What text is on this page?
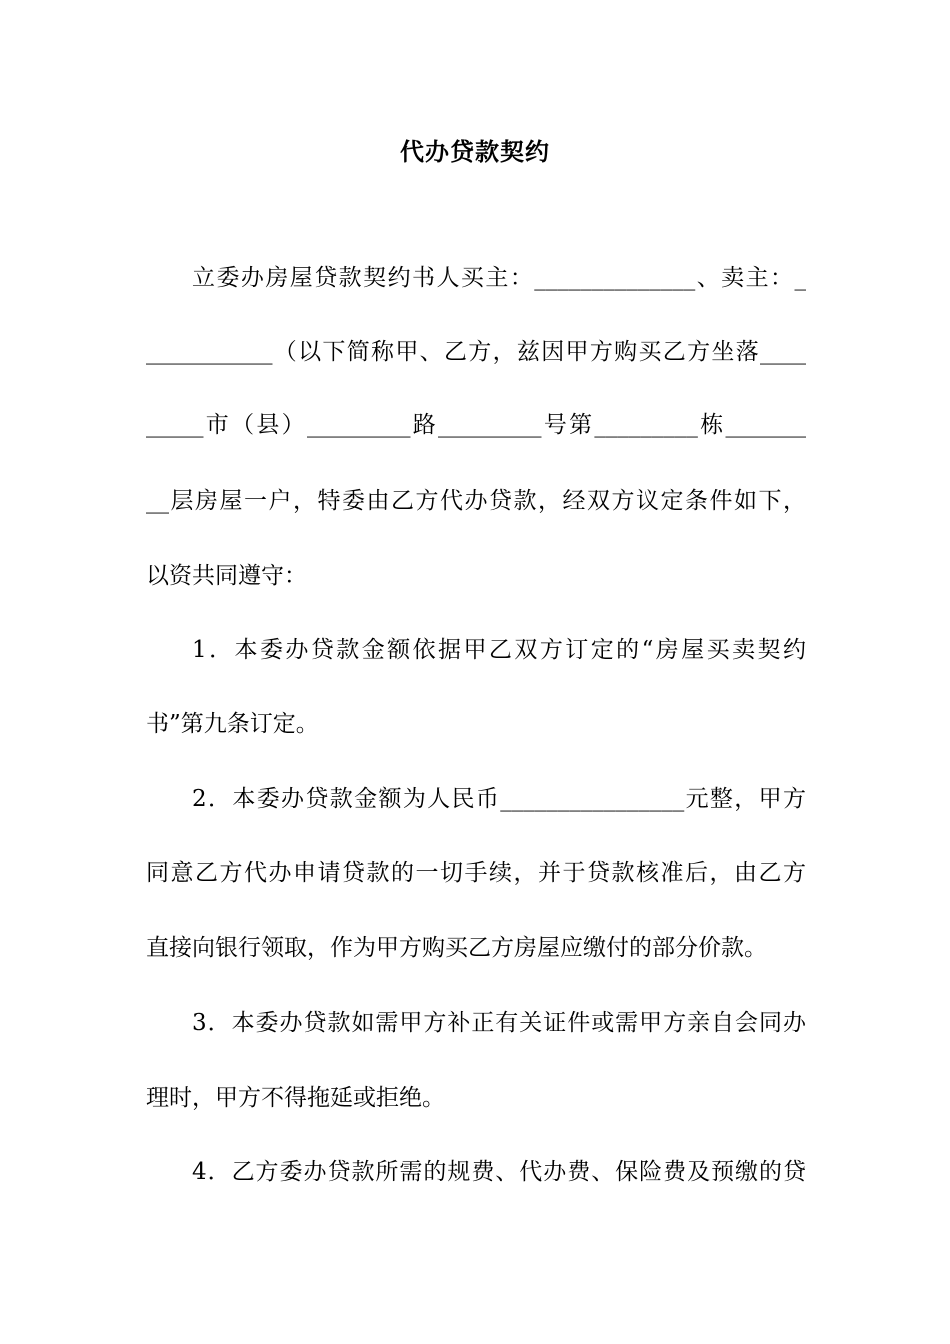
代办贷款契约
立委办房屋贷款契约书人买主：______________、卖主：_
___________（以下简称甲、乙方，兹因甲方购买乙方坐落____
_____市（县）_________路_________号第_________栋_______
__层房屋一户，特委由乙方代办贷款，经双方议定条件如下，
以资共同遵守：
1．本委办贷款金额依据甲乙双方订定的“房屋买卖契约
书”第九条订定。
2．本委办贷款金额为人民币________________元整，甲方
同意乙方代办申请贷款的一切手续，并于贷款核准后，由乙方
直接向银行领取，作为甲方购买乙方房屋应缴付的部分价款。
3．本委办贷款如需甲方补正有关证件或需甲方亲自会同办
理时，甲方不得拖延或拒绝。
4．乙方委办贷款所需的规费、代办费、保险费及预缴的贷
